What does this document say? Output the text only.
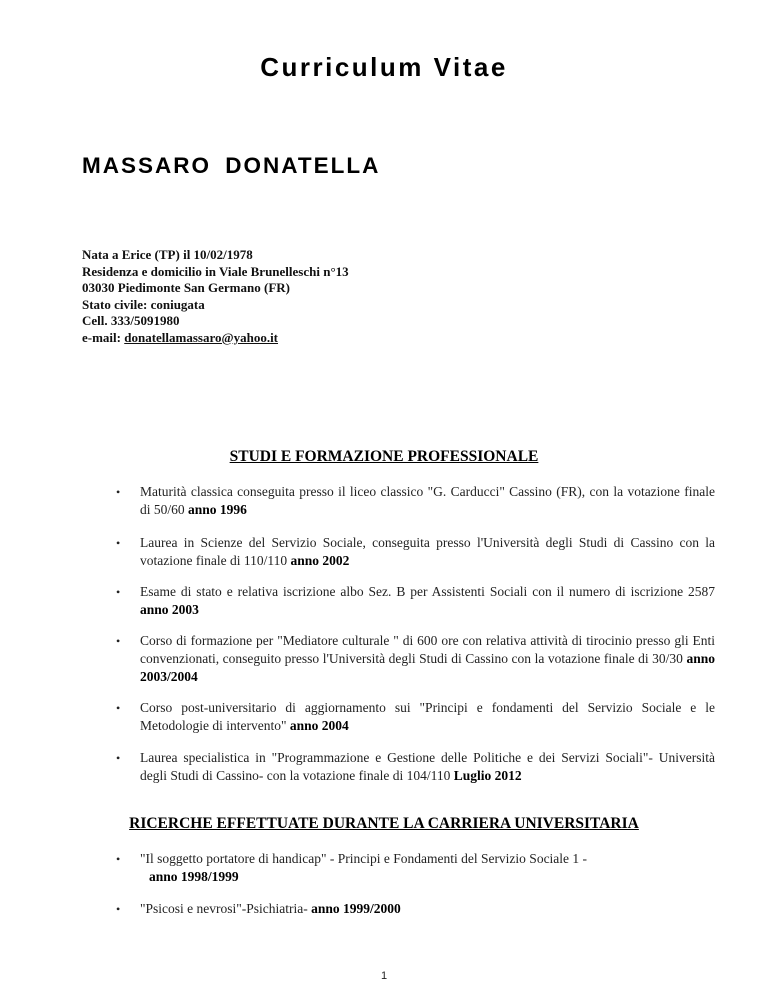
Curriculum Vitae
MASSARO DONATELLA
Nata a Erice (TP) il 10/02/1978
Residenza e domicilio in Viale Brunelleschi n°13
03030 Piedimonte San Germano (FR)
Stato civile: coniugata
Cell. 333/5091980
e-mail: donatellamassaro@yahoo.it
STUDI E FORMAZIONE PROFESSIONALE
• Maturità classica conseguita presso il liceo classico "G. Carducci" Cassino (FR), con la votazione finale di 50/60 anno 1996
• Laurea in Scienze del Servizio Sociale, conseguita presso l'Università degli Studi di Cassino con la votazione finale di 110/110 anno 2002
• Esame di stato e relativa iscrizione albo Sez. B per Assistenti Sociali con il numero di iscrizione 2587 anno 2003
• Corso di formazione per "Mediatore culturale " di 600 ore con relativa attività di tirocinio presso gli Enti convenzionati, conseguito presso l'Università degli Studi di Cassino con la votazione finale di 30/30 anno 2003/2004
• Corso post-universitario di aggiornamento sui "Principi e fondamenti del Servizio Sociale e le Metodologie di intervento" anno 2004
• Laurea specialistica in "Programmazione e Gestione delle Politiche e dei Servizi Sociali"- Università degli Studi di Cassino- con la votazione finale di 104/110 Luglio 2012
RICERCHE EFFETTUATE DURANTE LA CARRIERA UNIVERSITARIA
• "Il soggetto portatore di handicap" - Principi e Fondamenti del Servizio Sociale 1 -
anno 1998/1999
• "Psicosi e nevrosi"-Psichiatria- anno 1999/2000
1
